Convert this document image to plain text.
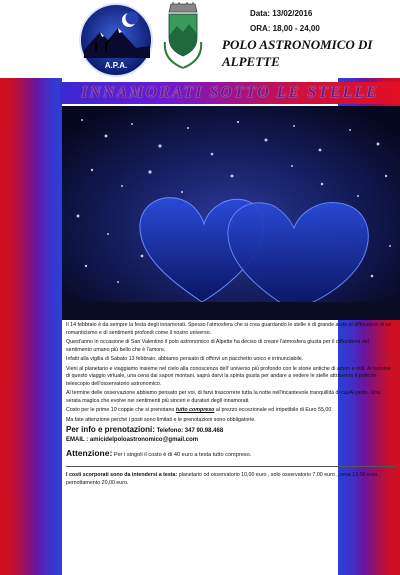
A.P.A.
Data: 13/02/2016
ORA: 18,00 - 24,00
POLO ASTRONOMICO DI
ALPETTE
INNAMORATI SOTTO LE STELLE

Il 14 febbraio è da sempre la festa degli innamorati. Spesso l'atmosfera che si crea guardando le stelle è di grande aiuto al diffondersi di un romanticismo e di sentimenti profondi come il nostro universo.

Quest'anno in occasione di San Valentino il polo astronomico di Alpette ha deciso di creare l'atmosfera giusta per il diffondersi del sentimento umano più bello che è l'amore.

Infatti alla vigilia di Sabato 13 febbraio, abbiamo pensato di offrirvi un pacchetto unico e irrinunciabile.

Vieni al planetario e viaggiamo insieme nel cielo alla conoscenza dell' universo più profondo con le storie antiche di amori e miti. Al termine di questo viaggio virtuale, una cena dai sapori montani, saprà darvi la spinta giusta per andare a vedere le stelle attraverso il potente telescopio dell'osservatorio astronomico.

Al termine delle osservazione abbiamo pensato per voi, di farvi trascorrere tutta la notte nell'incantevole tranquillità di casAl-pette. Una serata magica che evolve nei sentimenti più sinceri e duraturi degli innamorati.

Costo per le prime 10 coppie che si prenotano tutto compreso al prezzo eccezionale ed irripetibile di Euro 55,00.

Ma fate attenzione perché i posti sono limitati e le prenotazioni sono obbligatorie.

Per info e prenotazioni: Telefono: 347 90.98.468
EMAIL : amicidelpoloastronomico@gmail.com
Attenzione: Per i singoli il costo è di 40 euro a testa tutto compreso.
I costi scorporati sono da intendersi a testa: planetario od osservatorio 10,00 euro , solo osservatorio 7,00 euro , cena 13,00 euro , pernottamento 20,00 euro.
